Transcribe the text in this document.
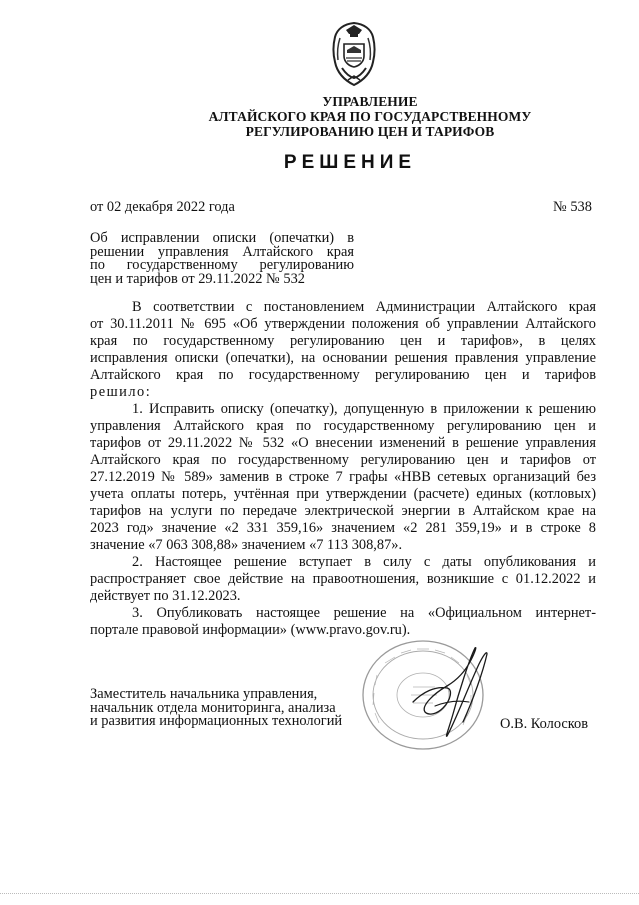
УПРАВЛЕНИЕ
АЛТАЙСКОГО КРАЯ ПО ГОСУДАРСТВЕННОМУ
РЕГУЛИРОВАНИЮ ЦЕН И ТАРИФОВ
РЕШЕНИЕ
от 02 декабря 2022 года	№ 538
Об исправлении описки (опечатки) в
решении управления Алтайского края
по государственному регулированию
цен и тарифов от 29.11.2022 № 532
В соответствии с постановлением Администрации Алтайского края
от 30.11.2011 № 695 «Об утверждении положения об управлении Алтайского
края по государственному регулированию цен и тарифов», в целях
исправления описки (опечатки), на основании решения правления управление
Алтайского края по государственному регулированию цен и тарифов
решило:
1. Исправить описку (опечатку), допущенную в приложении к решению
управления Алтайского края по государственному регулированию цен и
тарифов от 29.11.2022 № 532 «О внесении изменений в решение управления
Алтайского края по государственному регулированию цен и тарифов от
27.12.2019 № 589» заменив в строке 7 графы «НВВ сетевых организаций без
учета оплаты потерь, учтённая при утверждении (расчете) единых (котловых)
тарифов на услуги по передаче электрической энергии в Алтайском крае на
2023 год» значение «2 331 359,16» значением «2 281 359,19» и в строке 8
значение «7 063 308,88» значением «7 113 308,87».
2. Настоящее решение вступает в силу с даты опубликования и
распространяет свое действие на правоотношения, возникшие с 01.12.2022 и
действует по 31.12.2023.
3. Опубликовать настоящее решение на «Официальном интернет-
портале правовой информации» (www.pravo.gov.ru).
Заместитель начальника управления,
начальник отдела мониторинга, анализа
и развития информационных технологий	О.В. Колосков
